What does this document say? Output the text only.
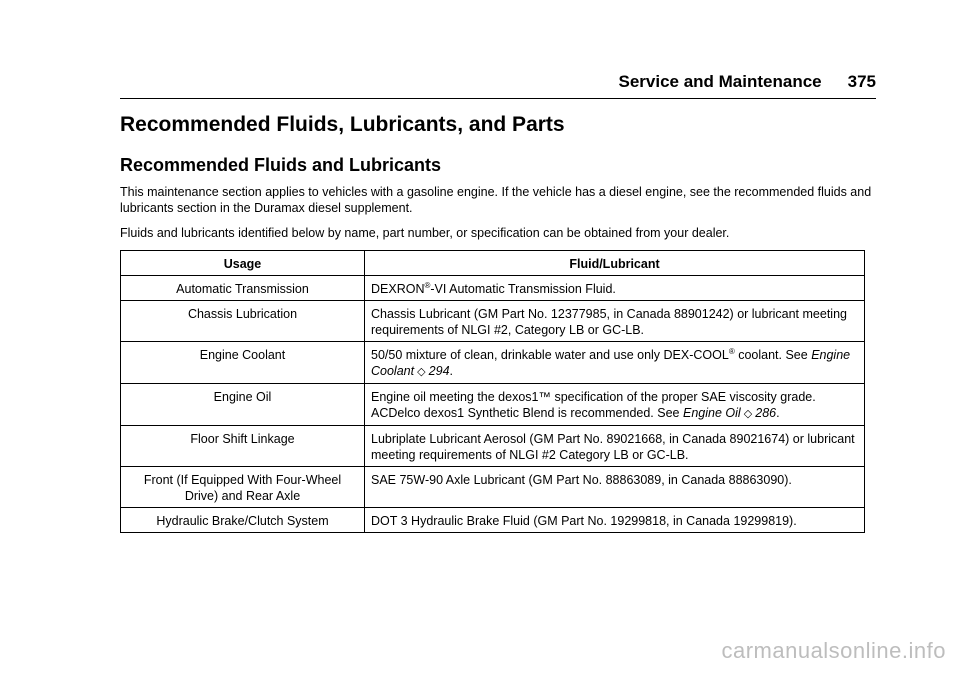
Service and Maintenance 375
Recommended Fluids, Lubricants, and Parts
Recommended Fluids and Lubricants

This maintenance section applies to vehicles with a gasoline engine. If the vehicle has a diesel engine, see the recommended fluids and lubricants section in the Duramax diesel supplement.

Fluids and lubricants identified below by name, part number, or specification can be obtained from your dealer.

Usage	Fluid/Lubricant
Automatic Transmission	DEXRON®-VI Automatic Transmission Fluid.
Chassis Lubrication	Chassis Lubricant (GM Part No. 12377985, in Canada 88901242) or lubricant meeting requirements of NLGI #2, Category LB or GC-LB.
Engine Coolant	50/50 mixture of clean, drinkable water and use only DEX-COOL® coolant. See Engine Coolant ◇ 294.
Engine Oil	Engine oil meeting the dexos1™ specification of the proper SAE viscosity grade. ACDelco dexos1 Synthetic Blend is recommended. See Engine Oil ◇ 286.
Floor Shift Linkage	Lubriplate Lubricant Aerosol (GM Part No. 89021668, in Canada 89021674) or lubricant meeting requirements of NLGI #2 Category LB or GC-LB.
Front (If Equipped With Four-Wheel Drive) and Rear Axle	SAE 75W-90 Axle Lubricant (GM Part No. 88863089, in Canada 88863090).
Hydraulic Brake/Clutch System	DOT 3 Hydraulic Brake Fluid (GM Part No. 19299818, in Canada 19299819).
carmanualsonline.info
